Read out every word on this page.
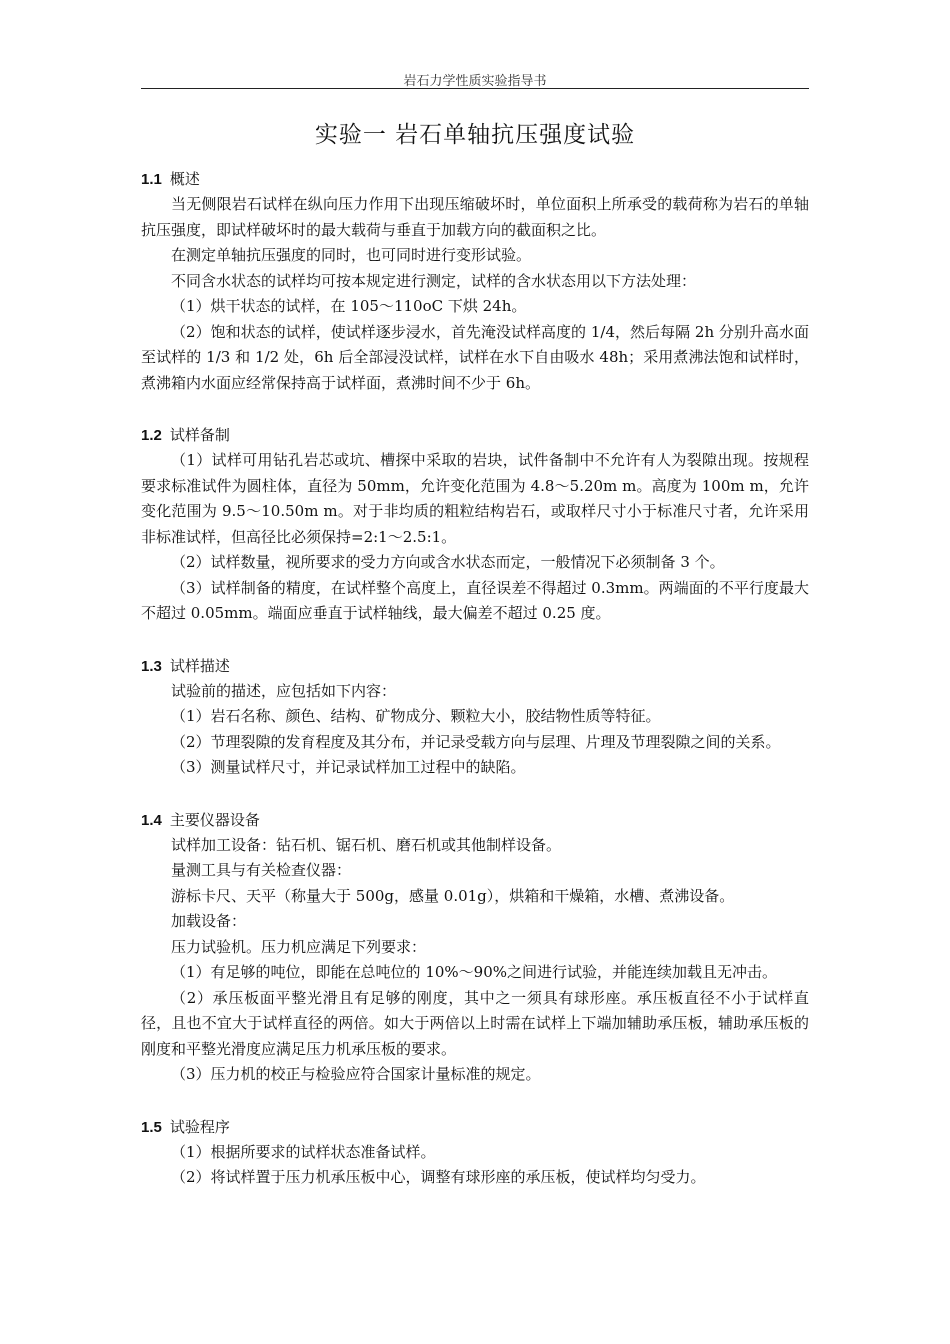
岩石力学性质实验指导书
实验一 岩石单轴抗压强度试验
1.1 概述

当无侧限岩石试样在纵向压力作用下出现压缩破坏时，单位面积上所承受的载荷称为岩石的单轴抗压强度，即试样破坏时的最大载荷与垂直于加载方向的截面积之比。

在测定单轴抗压强度的同时，也可同时进行变形试验。

不同含水状态的试样均可按本规定进行测定，试样的含水状态用以下方法处理：

（1）烘干状态的试样，在 105～110oC 下烘 24h。

（2）饱和状态的试样，使试样逐步浸水，首先淹没试样高度的 1/4，然后每隔 2h 分别升高水面至试样的 1/3 和 1/2 处，6h 后全部浸没试样，试样在水下自由吸水 48h；采用煮沸法饱和试样时，煮沸箱内水面应经常保持高于试样面，煮沸时间不少于 6h。

1.2 试样备制

（1）试样可用钻孔岩芯或坑、槽探中采取的岩块，试件备制中不允许有人为裂隙出现。按规程要求标准试件为圆柱体，直径为 50mm，允许变化范围为 4.8～5.20m m。高度为 100m m，允许变化范围为 9.5～10.50m m。对于非均质的粗粒结构岩石，或取样尺寸小于标准尺寸者，允许采用非标准试样，但高径比必须保持=2:1～2.5:1。

（2）试样数量，视所要求的受力方向或含水状态而定，一般情况下必须制备 3 个。

（3）试样制备的精度，在试样整个高度上，直径误差不得超过 0.3mm。两端面的不平行度最大不超过 0.05mm。端面应垂直于试样轴线，最大偏差不超过 0.25 度。

1.3 试样描述

试验前的描述，应包括如下内容：

（1）岩石名称、颜色、结构、矿物成分、颗粒大小，胶结物性质等特征。

（2）节理裂隙的发育程度及其分布，并记录受载方向与层理、片理及节理裂隙之间的关系。

（3）测量试样尺寸，并记录试样加工过程中的缺陷。

1.4 主要仪器设备

试样加工设备：钻石机、锯石机、磨石机或其他制样设备。

量测工具与有关检查仪器：

游标卡尺、天平（称量大于 500g，感量 0.01g），烘箱和干燥箱，水槽、煮沸设备。

加载设备：

压力试验机。压力机应满足下列要求：

（1）有足够的吨位，即能在总吨位的 10%～90%之间进行试验，并能连续加载且无冲击。

（2）承压板面平整光滑且有足够的刚度，其中之一须具有球形座。承压板直径不小于试样直径，且也不宜大于试样直径的两倍。如大于两倍以上时需在试样上下端加辅助承压板，辅助承压板的刚度和平整光滑度应满足压力机承压板的要求。

（3）压力机的校正与检验应符合国家计量标准的规定。

1.5 试验程序

（1）根据所要求的试样状态准备试样。

（2）将试样置于压力机承压板中心，调整有球形座的承压板，使试样均匀受力。
